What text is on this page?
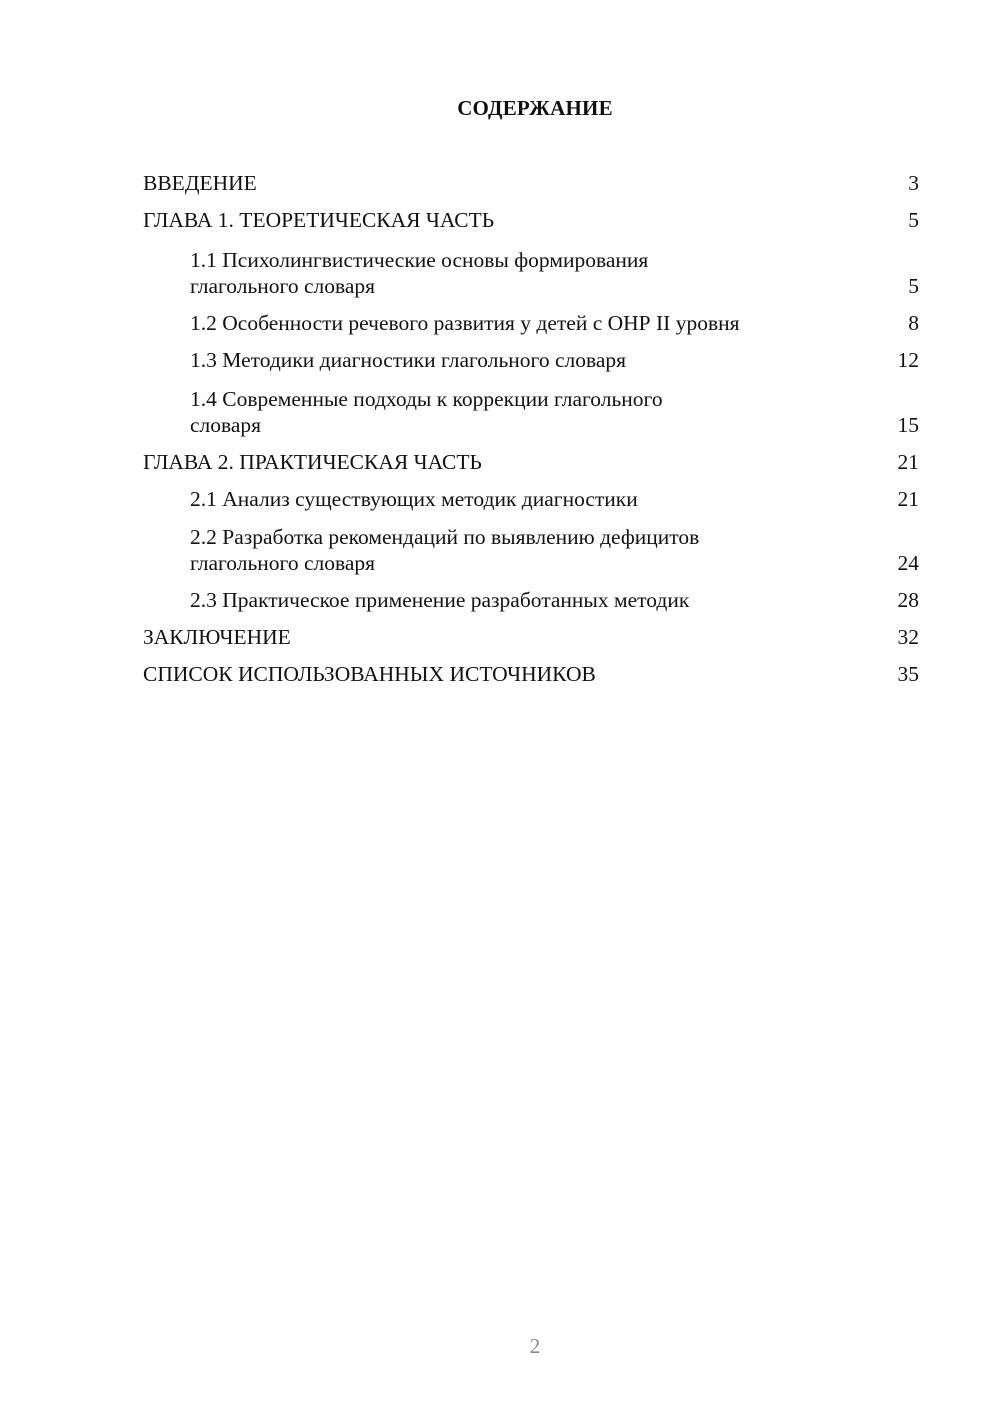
СОДЕРЖАНИЕ
ВВЕДЕНИЕ	3
ГЛАВА 1. ТЕОРЕТИЧЕСКАЯ ЧАСТЬ	5
1.1 Психолингвистические основы формирования
глагольного словаря	5
1.2 Особенности речевого развития у детей с ОНР II уровня	8
1.3 Методики диагностики глагольного словаря	12
1.4 Современные подходы к коррекции глагольного
словаря	15
ГЛАВА 2. ПРАКТИЧЕСКАЯ ЧАСТЬ	21
2.1 Анализ существующих методик диагностики	21
2.2 Разработка рекомендаций по выявлению дефицитов
глагольного словаря	24
2.3 Практическое применение разработанных методик	28
ЗАКЛЮЧЕНИЕ	32
СПИСОК ИСПОЛЬЗОВАННЫХ ИСТОЧНИКОВ	35
2
